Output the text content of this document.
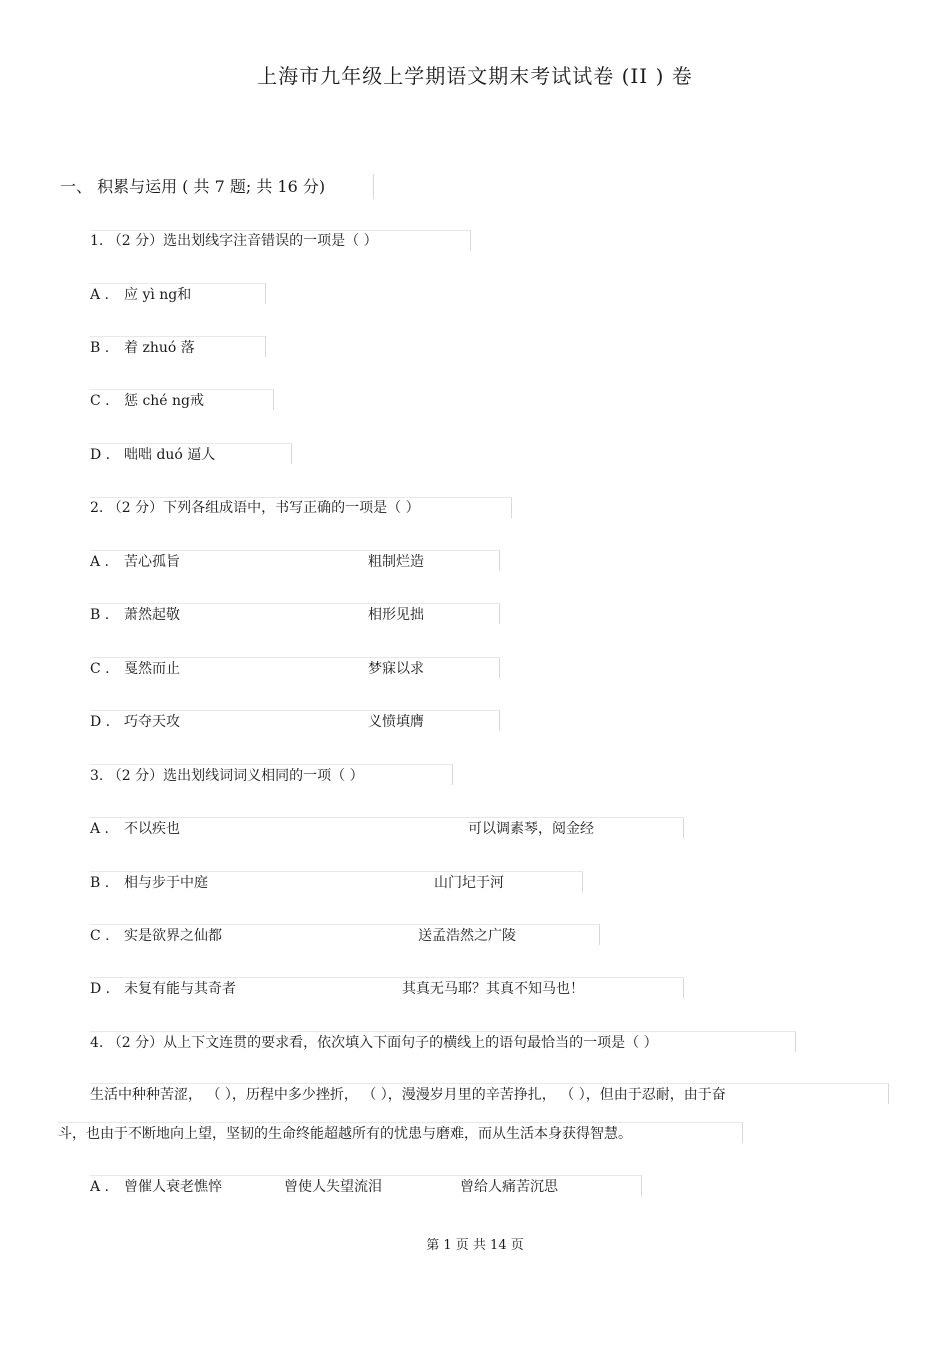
上海市九年级上学期语文期末考试试卷 (II ) 卷
一、 积累与运用 ( 共 7 题; 共 16 分)
1. （2 分）选出划线字注音错误的一项是（ ）
A . 应 yì ng和
B . 着 zhuó 落
C . 惩 ché ng戒
D . 咄咄 duó 逼人
2. （2 分）下列各组成语中，书写正确的一项是（ ）
A . 苦心孤旨	粗制烂造
B . 萧然起敬	相形见拙
C . 戛然而止	梦寐以求
D . 巧夺天攻	义愤填膺
3. （2 分）选出划线词词义相同的一项（ ）
A . 不以疾也	可以调素琴，阅金经
B . 相与步于中庭	山门圮于河
C . 实是欲界之仙都	送孟浩然之广陵
D . 未复有能与其奇者	其真无马耶？其真不知马也！
4. （2 分）从上下文连贯的要求看，依次填入下面句子的横线上的语句最恰当的一项是（ ）
生活中种种苦涩， （ ），历程中多少挫折， （ ），漫漫岁月里的辛苦挣扎， （ ），但由于忍耐，由于奋
斗，也由于不断地向上望，坚韧的生命终能超越所有的忧患与磨难，而从生活本身获得智慧。
A . 曾催人衰老憔悴	曾使人失望流泪	曾给人痛苦沉思
第 1 页 共 14 页
